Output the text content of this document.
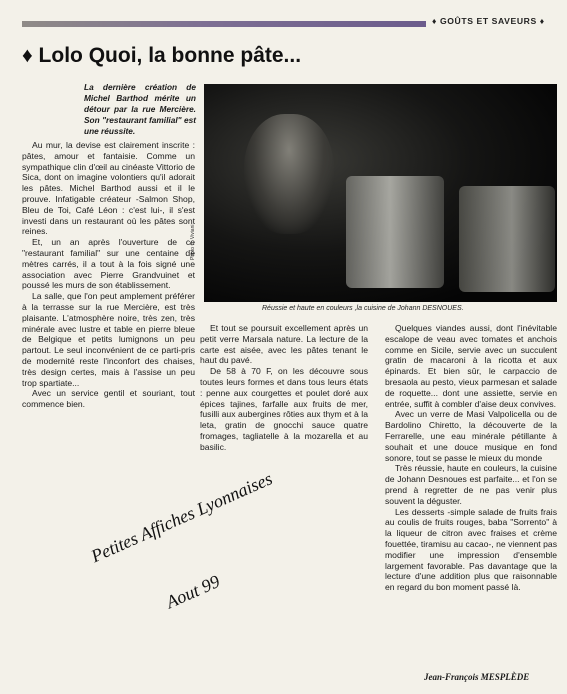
♦ GOÛTS ET SAVEURS ♦
♦ Lolo Quoi, la bonne pâte...
La dernière création de Michel Barthod mérite un détour par la rue Mercière. Son "restaurant familial" est une réussite.
Photo C. Viviani
Réussie et haute en couleurs ,la cuisine de Johann DESNOUES.

Au mur, la devise est clairement inscrite : pâtes, amour et fantaisie. Comme un sympathique clin d'œil au cinéaste Vittorio de Sica, dont on imagine volontiers qu'il adorait les pâtes. Michel Barthod aussi et il le prouve. Infatigable créateur -Salmon Shop, Bleu de Toi, Café Léon : c'est lui-, il s'est investi dans un restaurant où les pâtes sont reines.

Et, un an après l'ouverture de ce "restaurant familial" sur une centaine de mètres carrés, il a tout à la fois signé une association avec Pierre Grandvuinet et poussé les murs de son établissement.

La salle, que l'on peut amplement préférer à la terrasse sur la rue Mercière, est très plaisante. L'atmosphère noire, très zen, très minérale avec lustre et table en pierre bleue de Belgique et petits lumignons un peu partout. Le seul inconvénient de ce parti-pris de modernité reste l'inconfort des chaises, très design certes, mais à l'assise un peu trop spartiate...

Avec un service gentil et souriant, tout commence bien.

Et tout se poursuit excellement après un petit verre Marsala nature. La lecture de la carte est aisée, avec les pâtes tenant le haut du pavé.

De 58 à 70 F, on les découvre sous toutes leurs formes et dans tous leurs états : penne aux courgettes et poulet doré aux épices tajines, farfalle aux fruits de mer, fusilli aux aubergines rôties aux thym et à la leta, gratin de gnocchi sauce quatre fromages, tagliatelle à la mozarella et au basilic.

Quelques viandes aussi, dont l'inévitable escalope de veau avec tomates et anchois comme en Sicile, servie avec un succulent gratin de macaroni à la ricotta et aux épinards. Et bien sûr, le carpaccio de bresaola au pesto, vieux parmesan et salade de roquette... dont une assiette, servie en entrée, suffit à combler d'aise deux convives.

Avec un verre de Masi Valpolicella ou de Bardolino Chiretto, la découverte de la Ferrarelle, une eau minérale pétillante à souhait et une douce musique en fond sonore, tout se passe le mieux du monde

Très réussie, haute en couleurs, la cuisine de Johann Desnoues est parfaite... et l'on se prend à regretter de ne pas venir plus souvent la déguster.

Les desserts -simple salade de fruits frais au coulis de fruits rouges, baba "Sorrento" à la liqueur de citron avec fraises et crème fouettée, tiramisu au cacao-, ne viennent pas modifier une impression d'ensemble largement favorable. Pas davantage que la lecture d'une addition plus que raisonnable en regard du bon moment passé là.

Petites Affiches Lyonnaises
Aout 99
Jean-François MESPLÈDE
